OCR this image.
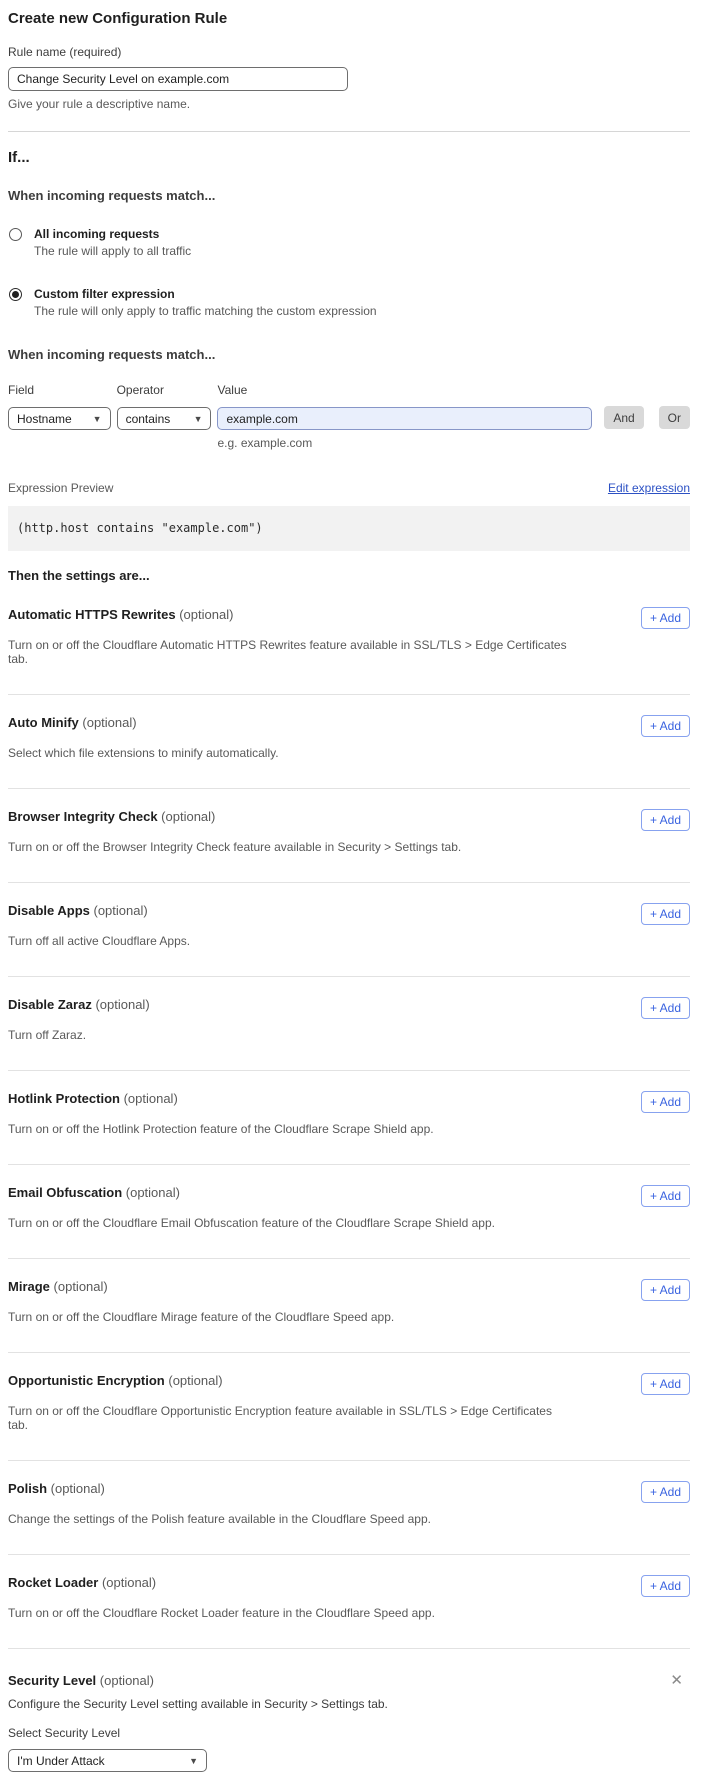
Create new Configuration Rule
Rule name (required)
Change Security Level on example.com
Give your rule a descriptive name.
If...
When incoming requests match...
All incoming requests
The rule will apply to all traffic
Custom filter expression
The rule will only apply to traffic matching the custom expression
When incoming requests match...
Field
Hostname ▼
Operator
contains	▼
Value
example.com
e.g. example.com
And	Or
Expression Preview	Edit expression
(http.host contains "example.com")
Then the settings are...
Automatic HTTPS Rewrites (optional)	+ Add
Turn on or off the Cloudflare Automatic HTTPS Rewrites feature available in SSL/TLS > Edge Certificates tab.
Auto Minify (optional)	+ Add
Select which file extensions to minify automatically.
Browser Integrity Check (optional)	+ Add
Turn on or off the Browser Integrity Check feature available in Security > Settings tab.
Disable Apps (optional)	+ Add
Turn off all active Cloudflare Apps.
Disable Zaraz (optional)	+ Add
Turn off Zaraz.
Hotlink Protection (optional)	+ Add
Turn on or off the Hotlink Protection feature of the Cloudflare Scrape Shield app.
Email Obfuscation (optional)	+ Add
Turn on or off the Cloudflare Email Obfuscation feature of the Cloudflare Scrape Shield app.
Mirage (optional)	+ Add
Turn on or off the Cloudflare Mirage feature of the Cloudflare Speed app.
Opportunistic Encryption (optional)	+ Add
Turn on or off the Cloudflare Opportunistic Encryption feature available in SSL/TLS > Edge Certificates tab.
Polish (optional)	+ Add
Change the settings of the Polish feature available in the Cloudflare Speed app.
Rocket Loader (optional)	+ Add
Turn on or off the Cloudflare Rocket Loader feature in the Cloudflare Speed app.
Security Level (optional)	✕
Configure the Security Level setting available in Security > Settings tab.
Select Security Level
I'm Under Attack	▼
